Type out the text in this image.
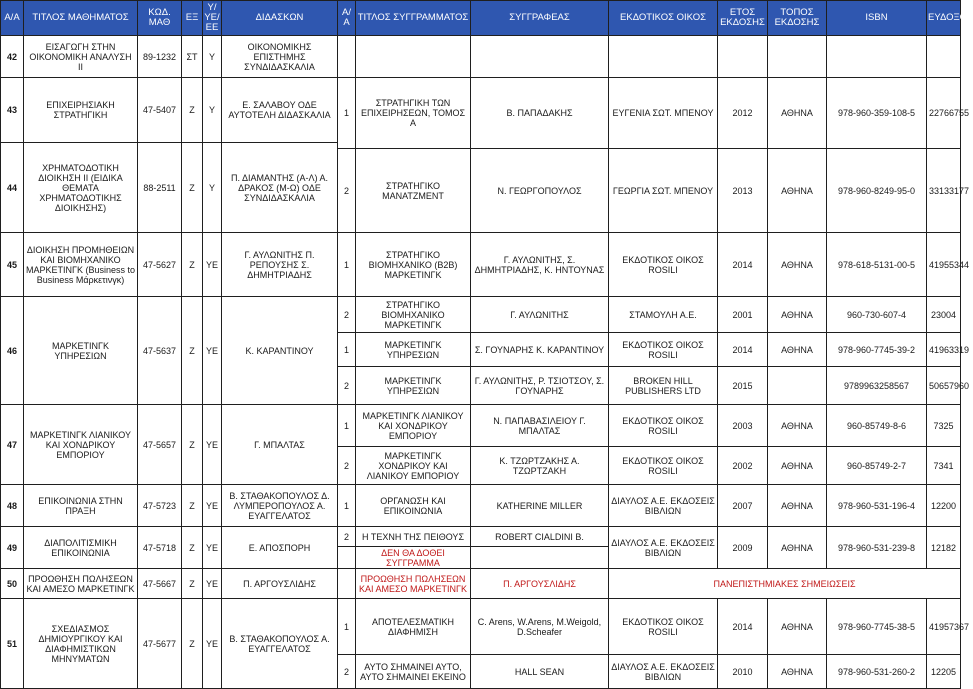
Α/Α	ΤΙΤΛΟΣ ΜΑΘΗΜΑΤΟΣ	ΚΩΔ. ΜΑΘ	ΕΞ	Υ/ΥΕ/ΕΕ	ΔΙΔΑΣΚΩΝ	Α/Α	ΤΙΤΛΟΣ ΣΥΓΓΡΑΜΜΑΤΟΣ	ΣΥΓΓΡΑΦΕΑΣ	ΕΚΔΟΤΙΚΟΣ ΟΙΚΟΣ	ΕΤΟΣ ΕΚΔΟΣΗΣ	ΤΟΠΟΣ ΕΚΔΟΣΗΣ	ISBN	ΕΥΔΟΞΟΣ
42	ΕΙΣΑΓΩΓΗ ΣΤΗΝ ΟΙΚΟΝΟΜΙΚΗ ΑΝΑΛΥΣΗ ΙΙ	89-1232	ΣΤ	Υ	ΟΙΚΟΝΟΜΙΚΗΣ ΕΠΙΣΤΗΜΗΣ ΣΥΝΔΙΔΑΣΚΑΛΙΑ								
43	ΕΠΙΧΕΙΡΗΣΙΑΚΗ ΣΤΡΑΤΗΓΙΚΗ	47-5407	Ζ	Υ	Ε. ΣΑΛΑΒΟΥ ΟΔΕ ΑΥΤΟΤΕΛΗ ΔΙΔΑΣΚΑΛΙΑ	1	ΣΤΡΑΤΗΓΙΚΗ ΤΩΝ ΕΠΙΧΕΙΡΗΣΕΩΝ, ΤΟΜΟΣ Α	Β. ΠΑΠΑΔΑΚΗΣ	ΕΥΓΕΝΙΑ ΣΩΤ. ΜΠΕΝΟΥ	2012	ΑΘΗΝΑ	978-960-359-108-5	22766755

44	ΧΡΗΜΑΤΟΔΟΤΙΚΗ ΔΙΟΙΚΗΣΗ ΙΙ (ΕΙΔΙΚΑ ΘΕΜΑΤΑ ΧΡΗΜΑΤΟΔΟΤΙΚΗΣ ΔΙΟΙΚΗΣΗΣ)	88-2511	Ζ	Υ	Π. ΔΙΑΜΑΝΤΗΣ (Α-Λ) Α. ΔΡΑΚΟΣ (Μ-Ω) ΟΔΕ ΣΥΝΔΙΔΑΣΚΑΛΙΑ								
						2	ΣΤΡΑΤΗΓΙΚΟ ΜΑΝΑΤΖΜΕΝΤ	Ν. ΓΕΩΡΓΟΠΟΥΛΟΣ	ΓΕΩΡΓΙΑ ΣΩΤ. ΜΠΕΝΟΥ	2013	ΑΘΗΝΑ	978-960-8249-95-0	33133177

45	ΔΙΟΙΚΗΣΗ ΠΡΟΜΗΘΕΙΩΝ ΚΑΙ ΒΙΟΜΗΧΑΝΙΚΟ ΜΑΡΚΕΤΙΝΓΚ (Business to Business Μάρκετινγκ)	47-5627	Ζ	ΥΕ	Γ. ΑΥΛΩΝΙΤΗΣ Π. ΡΕΠΟΥΣΗΣ Σ. ΔΗΜΗΤΡΙΑΔΗΣ	1	ΣΤΡΑΤΗΓΙΚΟ ΒΙΟΜΗΧΑΝΙΚΟ (Β2Β) ΜΑΡΚΕΤΙΝΓΚ	Γ. ΑΥΛΩΝΙΤΗΣ, Σ. ΔΗΜΗΤΡΙΑΔΗΣ, Κ. ΗΝΤΟΥΝΑΣ	ΕΚΔΟΤΙΚΟΣ ΟΙΚΟΣ ROSILI	2014	ΑΘΗΝΑ	978-618-5131-00-5	41955344
46	ΜΑΡΚΕΤΙΝΓΚ ΥΠΗΡΕΣΙΩΝ	47-5637	Ζ	ΥΕ	Κ. ΚΑΡΑΝΤΙΝΟΥ	2	ΣΤΡΑΤΗΓΙΚΟ ΒΙΟΜΗΧΑΝΙΚΟ ΜΑΡΚΕΤΙΝΓΚ	Γ. ΑΥΛΩΝΙΤΗΣ	ΣΤΑΜΟΥΛΗ Α.Ε.	2001	ΑΘΗΝΑ	960-730-607-4	23004
						1	ΜΑΡΚΕΤΙΝΓΚ ΥΠΗΡΕΣΙΩΝ	Σ. ΓΟΥΝΑΡΗΣ Κ. ΚΑΡΑΝΤΙΝΟΥ	ΕΚΔΟΤΙΚΟΣ ΟΙΚΟΣ ROSILI	2014	ΑΘΗΝΑ	978-960-7745-39-2	41963319
						2	ΜΑΡΚΕΤΙΝΓΚ ΥΠΗΡΕΣΙΩΝ	Γ. ΑΥΛΩΝΙΤΗΣ, Ρ. ΤΣΙΟΤΣΟΥ, Σ. ΓΟΥΝΑΡΗΣ	BROKEN HILL PUBLISHERS LTD	2015		9789963258567	50657960
47	ΜΑΡΚΕΤΙΝΓΚ ΛΙΑΝΙΚΟΥ ΚΑΙ ΧΟΝΔΡΙΚΟΥ ΕΜΠΟΡΙΟΥ	47-5657	Ζ	ΥΕ	Γ. ΜΠΑΛΤΑΣ	1	ΜΑΡΚΕΤΙΝΓΚ ΛΙΑΝΙΚΟΥ ΚΑΙ ΧΟΝΔΡΙΚΟΥ ΕΜΠΟΡΙΟΥ	Ν. ΠΑΠΑΒΑΣΙΛΕΙΟΥ Γ. ΜΠΑΛΤΑΣ	ΕΚΔΟΤΙΚΟΣ ΟΙΚΟΣ ROSILI	2003	ΑΘΗΝΑ	960-85749-8-6	7325
						2	ΜΑΡΚΕΤΙΝΓΚ ΧΟΝΔΡΙΚΟΥ ΚΑΙ ΛΙΑΝΙΚΟΥ ΕΜΠΟΡΙΟΥ	Κ. ΤΖΩΡΤΖΑΚΗΣ Α. ΤΖΩΡΤΖΑΚΗ	ΕΚΔΟΤΙΚΟΣ ΟΙΚΟΣ ROSILI	2002	ΑΘΗΝΑ	960-85749-2-7	7341
48	ΕΠΙΚΟΙΝΩΝΙΑ ΣΤΗΝ ΠΡΑΞΗ	47-5723	Ζ	ΥΕ	Β. ΣΤΑΘΑΚΟΠΟΥΛΟΣ Δ. ΛΥΜΠΕΡΟΠΟΥΛΟΣ Α. ΕΥΑΓΓΕΛΑΤΟΣ	1	ΟΡΓΑΝΩΣΗ ΚΑΙ ΕΠΙΚΟΙΝΩΝΙΑ	KATHERINE MILLER	ΔΙΑΥΛΟΣ Α.Ε. ΕΚΔΟΣΕΙΣ ΒΙΒΛΙΩΝ	2007	ΑΘΗΝΑ	978-960-531-196-4	12200
49	ΔΙΑΠΟΛΙΤΙΣΜΙΚΗ ΕΠΙΚΟΙΝΩΝΙΑ	47-5718	Ζ	ΥΕ	Ε. ΑΠΟΣΠΟΡΗ	2	Η ΤΕΧΝΗ ΤΗΣ ΠΕΙΘΟΥΣ	ROBERT CIALDINI B.	ΔΙΑΥΛΟΣ Α.Ε. ΕΚΔΟΣΕΙΣ ΒΙΒΛΙΩΝ	2009	ΑΘΗΝΑ	978-960-531-239-8	12182
							ΔΕΝ ΘΑ ΔΟΘΕΙ ΣΥΓΓΡΑΜΜΑ						
50	ΠΡΟΩΘΗΣΗ ΠΩΛΗΣΕΩΝ ΚΑΙ ΑΜΕΣΟ ΜΑΡΚΕΤΙΝΓΚ	47-5667	Ζ	ΥΕ	Π. ΑΡΓΟΥΣΛΙΔΗΣ		ΠΡΟΩΘΗΣΗ ΠΩΛΗΣΕΩΝ ΚΑΙ ΑΜΕΣΟ ΜΑΡΚΕΤΙΝΓΚ	Π. ΑΡΓΟΥΣΛΙΔΗΣ	ΠΑΝΕΠΙΣΤΗΜΙΑΚΕΣ ΣΗΜΕΙΩΣΕΙΣ				
51	ΣΧΕΔΙΑΣΜΟΣ ΔΗΜΙΟΥΡΓΙΚΟΥ ΚΑΙ ΔΙΑΦΗΜΙΣΤΙΚΩΝ ΜΗΝΥΜΑΤΩΝ	47-5677	Ζ	ΥΕ	Β. ΣΤΑΘΑΚΟΠΟΥΛΟΣ Α. ΕΥΑΓΓΕΛΑΤΟΣ	1	ΑΠΟΤΕΛΕΣΜΑΤΙΚΗ ΔΙΑΦΗΜΙΣΗ	C. Arens, W.Arens, M.Weigold, D.Scheafer	ΕΚΔΟΤΙΚΟΣ ΟΙΚΟΣ ROSILI	2014	ΑΘΗΝΑ	978-960-7745-38-5	41957367
						2	ΑΥΤΟ ΣΗΜΑΙΝΕΙ ΑΥΤΟ, ΑΥΤΟ ΣΗΜΑΙΝΕΙ ΕΚΕΙΝΟ	HALL SEAN	ΔΙΑΥΛΟΣ Α.Ε. ΕΚΔΟΣΕΙΣ ΒΙΒΛΙΩΝ	2010	ΑΘΗΝΑ	978-960-531-260-2	12205
